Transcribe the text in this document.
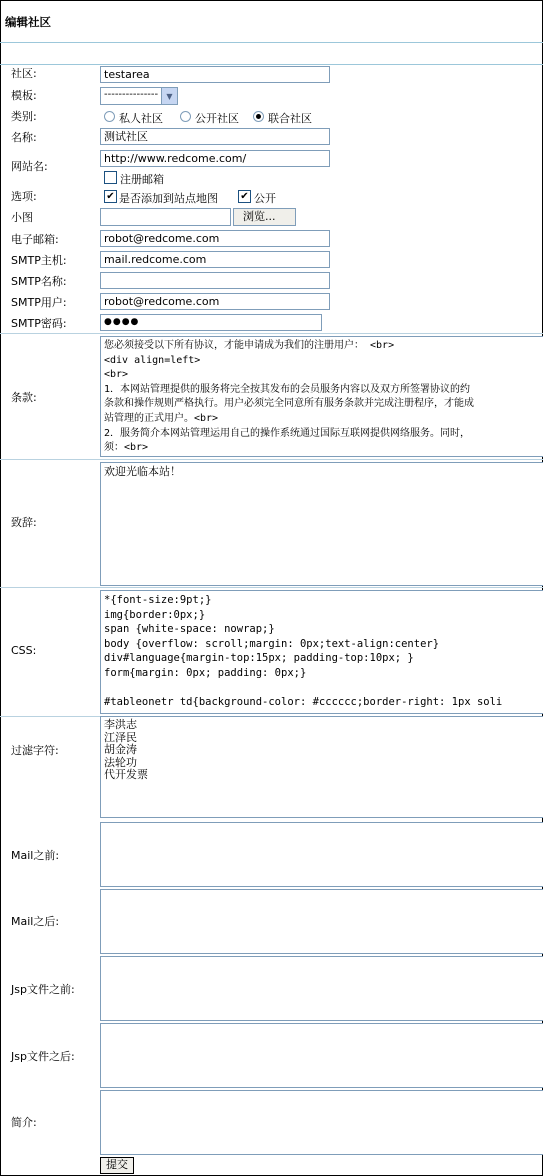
编辑社区
社区:	testarea
模板:	---------------	▼
类别:	私人社区	公开社区	联合社区
名称:	测试社区
网站名:
http://www.redcome.com/
注册邮箱
选项:	✔ 是否添加到站点地图 ✔ 公开
小图	浏览...
电子邮箱:	robot@redcome.com
SMTP主机:	mail.redcome.com
SMTP名称:
SMTP用户:	robot@redcome.com
SMTP密码:	●●●●
条款:
您必须接受以下所有协议，才能申请成为我们的注册用户： <br>
<div align=left>
<br>
1．本网站管理提供的服务将完全按其发布的会员服务内容以及双方所签署协议的约
条款和操作规则严格执行。用户必须完全同意所有服务条款并完成注册程序，才能成
站管理的正式用户。<br>
2．服务简介本网站管理运用自己的操作系统通过国际互联网提供网络服务。同时，
须：<br>
致辞:
欢迎光临本站！
CSS:
*{font-size:9pt;}
img{border:0px;}
span {white-space: nowrap;}
body {overflow: scroll;margin: 0px;text-align:center}
div#language{margin-top:15px; padding-top:10px; }
form{margin: 0px; padding: 0px;}

#tableonetr td{background-color: #cccccc;border-right: 1px soli
过滤字符:
李洪志
江泽民
胡金涛
法轮功
代开发票
Mail之前:
Mail之后:
Jsp文件之前:
Jsp文件之后:
简介:
提交
